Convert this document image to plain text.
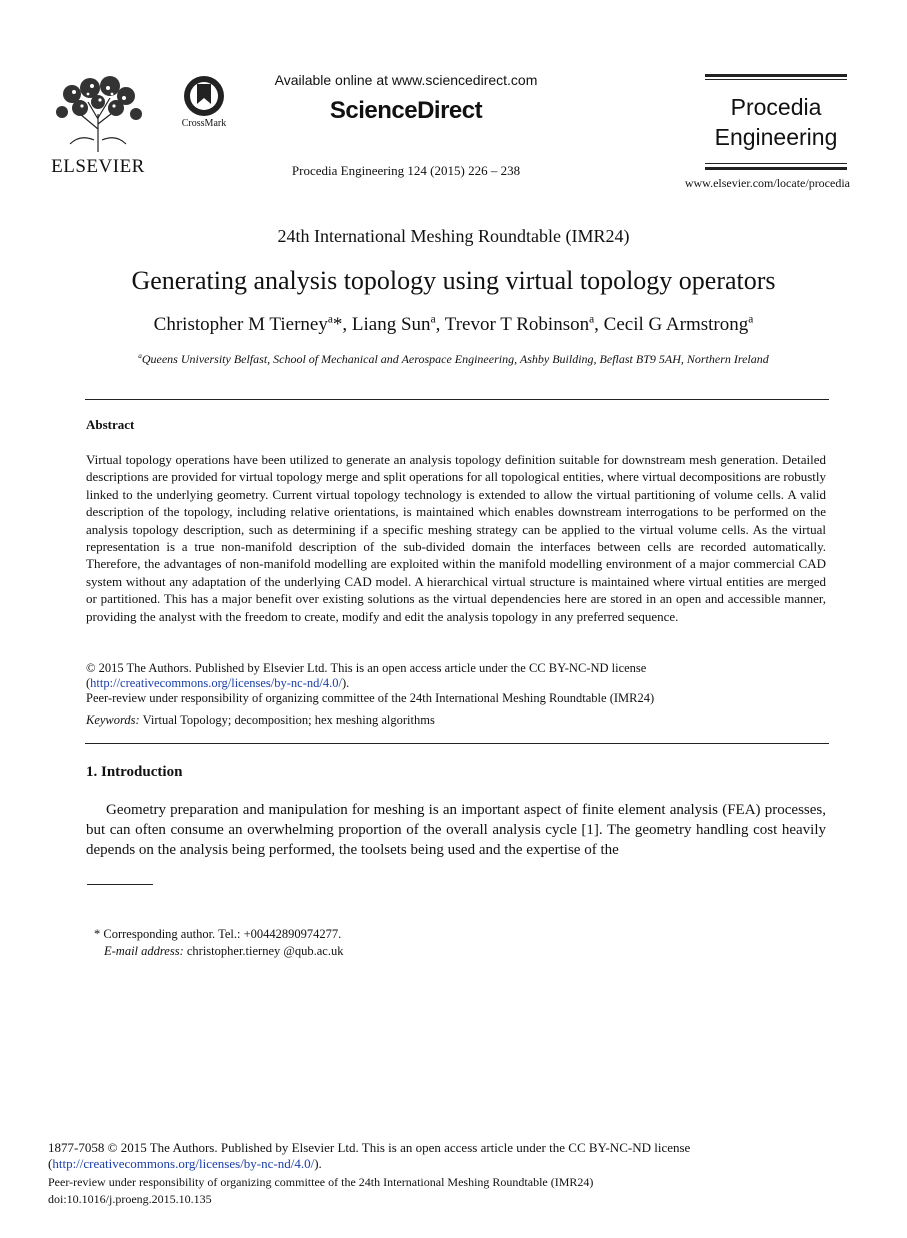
ELSEVIER
CrossMark
Available online at www.sciencedirect.com
ScienceDirect
Procedia Engineering 124 (2015) 226 – 238
Procedia
Engineering
www.elsevier.com/locate/procedia
24th International Meshing Roundtable (IMR24)
Generating analysis topology using virtual topology operators
Christopher M Tierney$^a$*, Liang Sun$^a$, Trevor T Robinson$^a$, Cecil G Armstrong$^a$
$^a$Queens University Belfast, School of Mechanical and Aerospace Engineering, Ashby Building, Beflast BT9 5AH, Northern Ireland
Abstract

Virtual topology operations have been utilized to generate an analysis topology definition suitable for downstream mesh generation. Detailed descriptions are provided for virtual topology merge and split operations for all topological entities, where virtual decompositions are robustly linked to the underlying geometry. Current virtual topology technology is extended to allow the virtual partitioning of volume cells. A valid description of the topology, including relative orientations, is maintained which enables downstream interrogations to be performed on the analysis topology description, such as determining if a specific meshing strategy can be applied to the virtual volume cells. As the virtual representation is a true non-manifold description of the sub-divided domain the interfaces between cells are recorded automatically. Therefore, the advantages of non-manifold modelling are exploited within the manifold modelling environment of a major commercial CAD system without any adaptation of the underlying CAD model. A hierarchical virtual structure is maintained where virtual entities are merged or partitioned. This has a major benefit over existing solutions as the virtual dependencies here are stored in an open and accessible manner, providing the analyst with the freedom to create, modify and edit the analysis topology in any preferred sequence.

© 2015 The Authors. Published by Elsevier Ltd. This is an open access article under the CC BY-NC-ND license
(http://creativecommons.org/licenses/by-nc-nd/4.0/).
Peer-review under responsibility of organizing committee of the 24th International Meshing Roundtable (IMR24)
Keywords: Virtual Topology; decomposition; hex meshing algorithms
1. Introduction

Geometry preparation and manipulation for meshing is an important aspect of finite element analysis (FEA) processes, but can often consume an overwhelming proportion of the overall analysis cycle [1]. The geometry handling cost heavily depends on the analysis being performed, the toolsets being used and the expertise of the

* Corresponding author. Tel.: +00442890974277.
E-mail address: christopher.tierney @qub.ac.uk
1877-7058 © 2015 The Authors. Published by Elsevier Ltd. This is an open access article under the CC BY-NC-ND license
(http://creativecommons.org/licenses/by-nc-nd/4.0/).
Peer-review under responsibility of organizing committee of the 24th International Meshing Roundtable (IMR24)
doi:10.1016/j.proeng.2015.10.135
